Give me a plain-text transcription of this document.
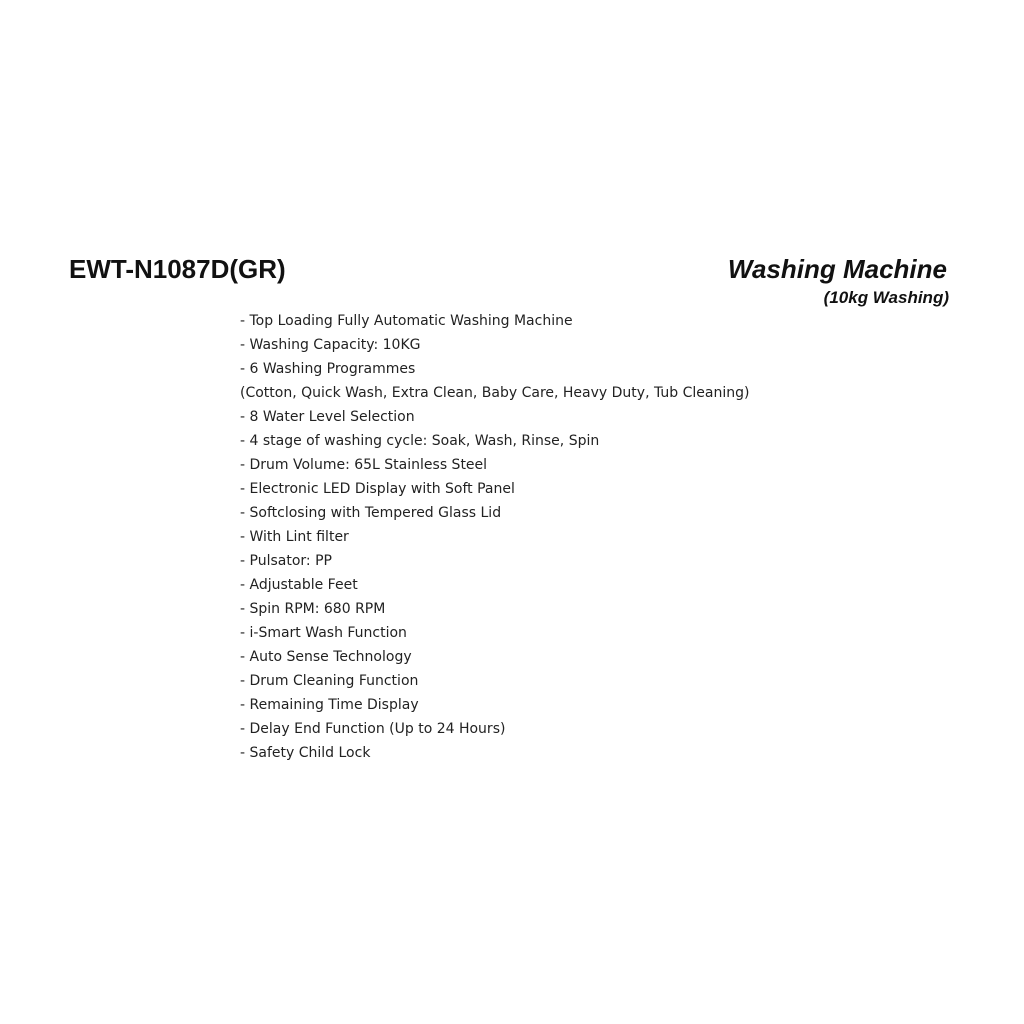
EWT-N1087D(GR)	Washing Machine
(10kg Washing)
- Top Loading Fully Automatic Washing Machine
- Washing Capacity: 10KG
- 6 Washing Programmes
(Cotton, Quick Wash, Extra Clean, Baby Care, Heavy Duty, Tub Cleaning)
- 8 Water Level Selection
- 4 stage of washing cycle: Soak, Wash, Rinse, Spin
- Drum Volume: 65L Stainless Steel
- Electronic LED Display with Soft Panel
- Softclosing with Tempered Glass Lid
- With Lint filter
- Pulsator: PP
- Adjustable Feet
- Spin RPM: 680 RPM
- i-Smart Wash Function
- Auto Sense Technology
- Drum Cleaning Function
- Remaining Time Display
- Delay End Function (Up to 24 Hours)
- Safety Child Lock
